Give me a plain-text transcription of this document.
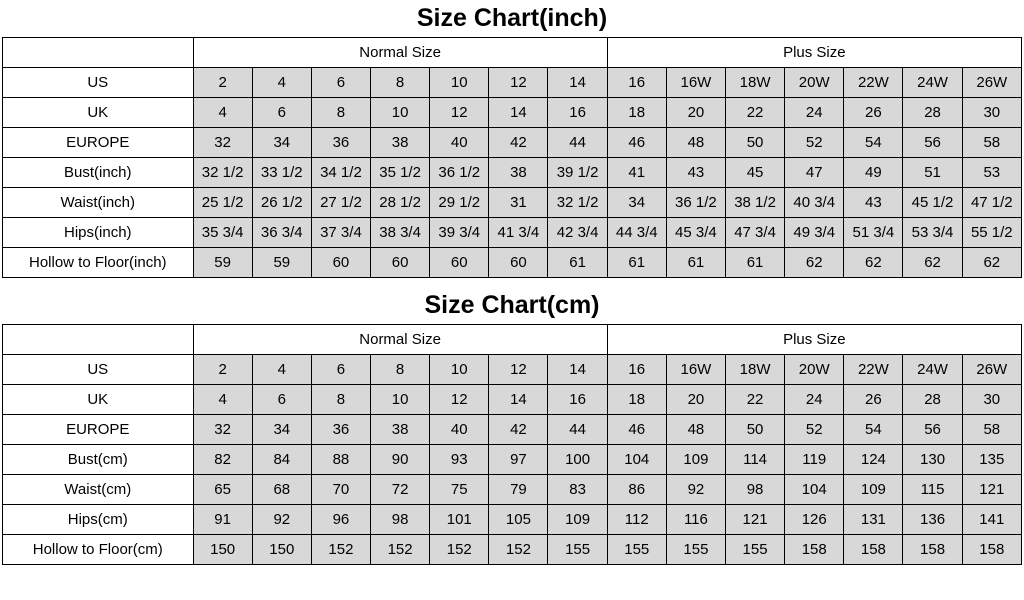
Size Chart(inch)
	Normal Size							Plus Size						
US	2	4	6	8	10	12	14	16	16W	18W	20W	22W	24W	26W
UK	4	6	8	10	12	14	16	18	20	22	24	26	28	30
EUROPE	32	34	36	38	40	42	44	46	48	50	52	54	56	58
Bust(inch)	32 1/2	33 1/2	34 1/2	35 1/2	36 1/2	38	39 1/2	41	43	45	47	49	51	53
Waist(inch)	25 1/2	26 1/2	27 1/2	28 1/2	29 1/2	31	32 1/2	34	36 1/2	38 1/2	40 3/4	43	45 1/2	47 1/2
Hips(inch)	35 3/4	36 3/4	37 3/4	38 3/4	39 3/4	41 3/4	42 3/4	44 3/4	45 3/4	47 3/4	49 3/4	51 3/4	53 3/4	55 1/2
Hollow to Floor(inch)	59	59	60	60	60	60	61	61	61	61	62	62	62	62
Size Chart(cm)
	Normal Size							Plus Size						
US	2	4	6	8	10	12	14	16	16W	18W	20W	22W	24W	26W
UK	4	6	8	10	12	14	16	18	20	22	24	26	28	30
EUROPE	32	34	36	38	40	42	44	46	48	50	52	54	56	58
Bust(cm)	82	84	88	90	93	97	100	104	109	114	119	124	130	135
Waist(cm)	65	68	70	72	75	79	83	86	92	98	104	109	115	121
Hips(cm)	91	92	96	98	101	105	109	112	116	121	126	131	136	141
Hollow to Floor(cm)	150	150	152	152	152	152	155	155	155	155	158	158	158	158
